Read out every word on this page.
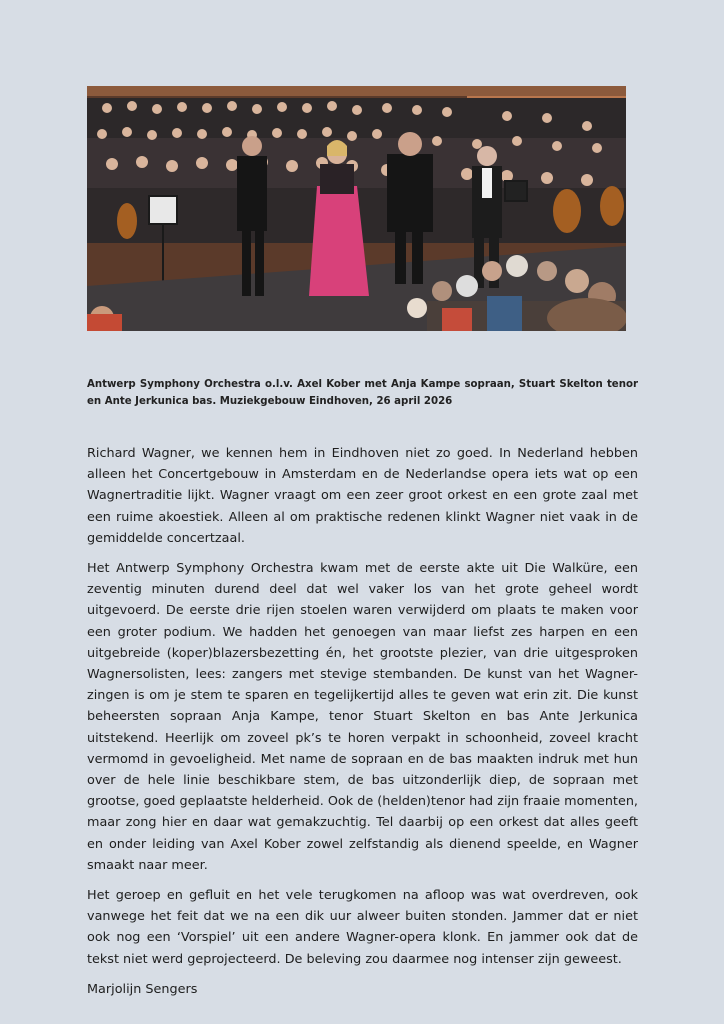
Antwerp Symphony Orchestra o.l.v. Axel Kober met Anja Kampe sopraan, Stuart Skelton tenor en Ante Jerkunica bas. Muziekgebouw Eindhoven, 26 april 2026

Richard Wagner, we kennen hem in Eindhoven niet zo goed. In Nederland hebben alleen het Concertgebouw in Amsterdam en de Nederlandse opera iets wat op een Wagnertraditie lijkt. Wagner vraagt om een zeer groot orkest en een grote zaal met een ruime akoestiek. Alleen al om praktische redenen klinkt Wagner niet vaak in de gemiddelde concertzaal.

Het Antwerp Symphony Orchestra kwam met de eerste akte uit Die Walküre, een zeventig minuten durend deel dat wel vaker los van het grote geheel wordt uitgevoerd. De eerste drie rijen stoelen waren verwijderd om plaats te maken voor een groter podium. We hadden het genoegen van maar liefst zes harpen en een uitgebreide (koper)blazersbezetting én, het grootste plezier, van drie uitgesproken Wagnersolisten, lees: zangers met stevige stembanden. De kunst van het Wagner-zingen is om je stem te sparen en tegelijkertijd alles te geven wat erin zit. Die kunst beheersten sopraan Anja Kampe, tenor Stuart Skelton en bas Ante Jerkunica uitstekend. Heerlijk om zoveel pk’s te horen verpakt in schoonheid, zoveel kracht vermomd in gevoeligheid. Met name de sopraan en de bas maakten indruk met hun over de hele linie beschikbare stem, de bas uitzonderlijk diep, de sopraan met grootse, goed geplaatste helderheid. Ook de (helden)tenor had zijn fraaie momenten, maar zong hier en daar wat gemakzuchtig. Tel daarbij op een orkest dat alles geeft en onder leiding van Axel Kober zowel zelfstandig als dienend speelde, en Wagner smaakt naar meer.

Het geroep en gefluit en het vele terugkomen na afloop was wat overdreven, ook vanwege het feit dat we na een dik uur alweer buiten stonden. Jammer dat er niet ook nog een ‘Vorspiel’ uit een andere Wagner-opera klonk. En jammer ook dat de tekst niet werd geprojecteerd. De beleving zou daarmee nog intenser zijn geweest.

Marjolijn Sengers
